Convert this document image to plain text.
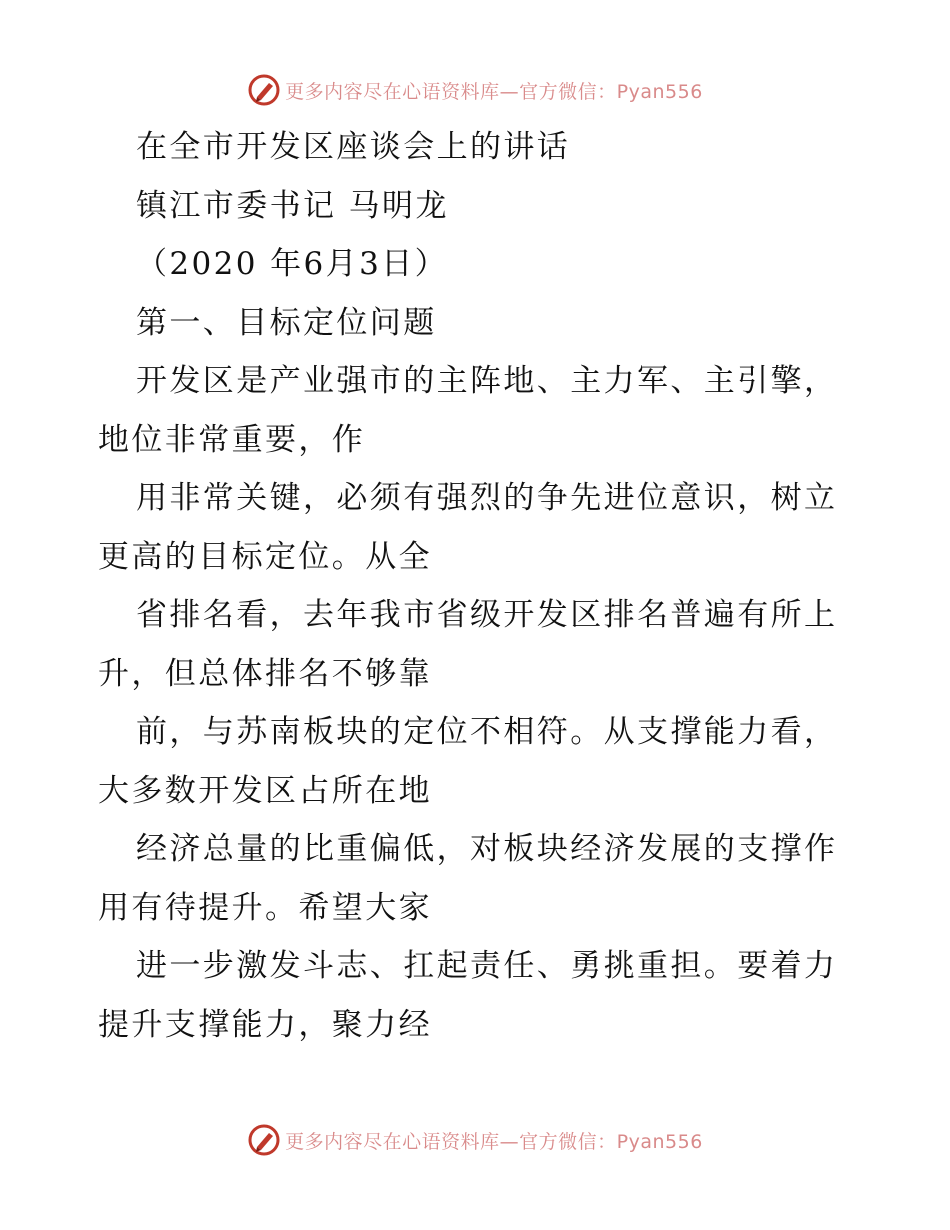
更多内容尽在心语资料库—官方微信：Pyan556
在全市开发区座谈会上的讲话
镇江市委书记 马明龙
（2020 年6月3日）
第一、目标定位问题
开发区是产业强市的主阵地、主力军、主引擎，
地位非常重要，作
用非常关键，必须有强烈的争先进位意识，树立
更高的目标定位。从全
省排名看，去年我市省级开发区排名普遍有所上
升，但总体排名不够靠
前，与苏南板块的定位不相符。从支撑能力看，
大多数开发区占所在地
经济总量的比重偏低，对板块经济发展的支撑作
用有待提升。希望大家
进一步激发斗志、扛起责任、勇挑重担。要着力
提升支撑能力，聚力经
更多内容尽在心语资料库—官方微信：Pyan556
